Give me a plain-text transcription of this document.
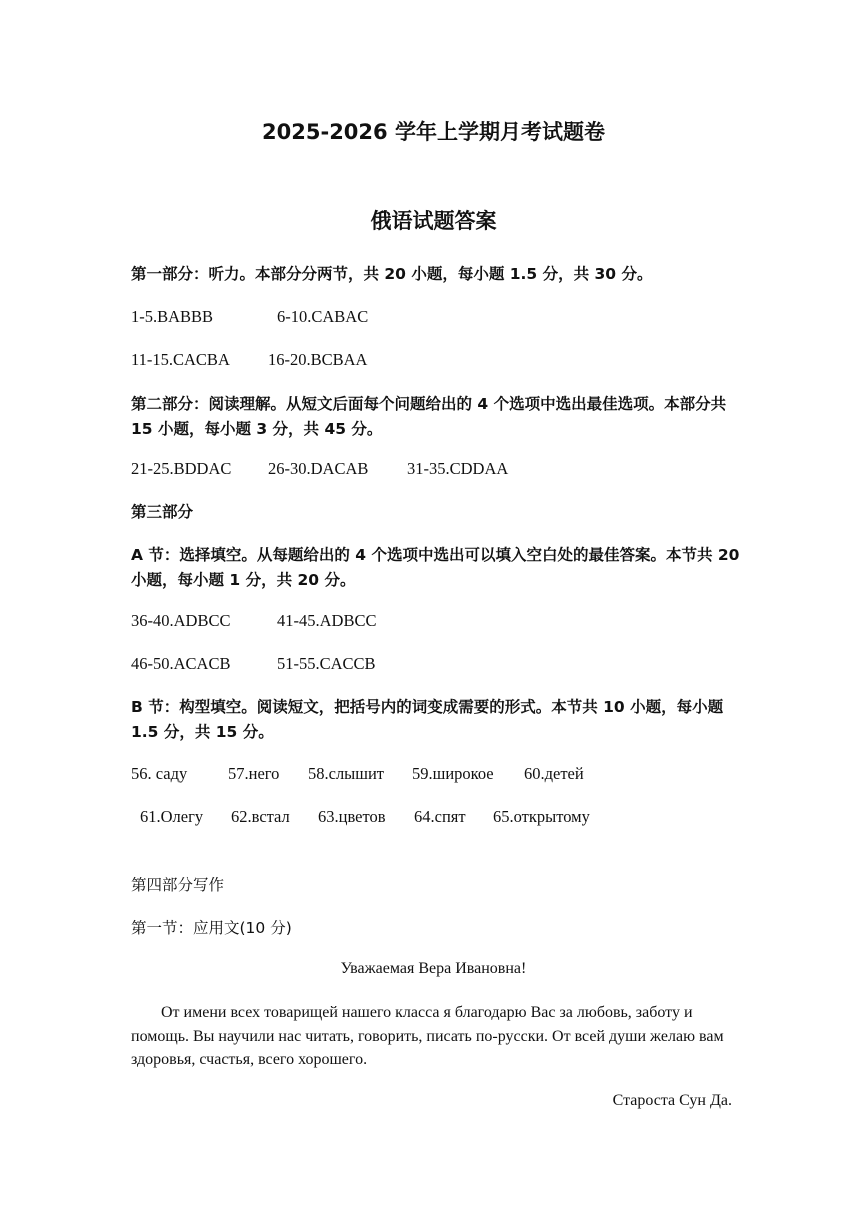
2025-2026 学年上学期月考试题卷
俄语试题答案

第一部分：听力。本部分分两节，共 20 小题，每小题 1.5 分，共 30 分。

1-5.BABBB	6-10.CABAC
11-15.CACBA 16-20.BCBAA

第二部分：阅读理解。从短文后面每个问题给出的 4 个选项中选出最佳选项。本部分共 15 小题，每小题 3 分，共 45 分。

21-25.BDDAC 26-30.DACAB 31-35.CDDAA

第三部分

A 节：选择填空。从每题给出的 4 个选项中选出可以填入空白处的最佳答案。本节共 20 小题，每小题 1 分，共 20 分。

36-40.ADBCC	41-45.ADBCC
46-50.ACACB	51-55.CACCB

B 节：构型填空。阅读短文，把括号内的词变成需要的形式。本节共 10 小题，每小题 1.5 分，共 15 分。

56. саду 57.него 58.слышит 59.широкое 60.детей
61.Олегу 62.встал 63.цветов 64.спят 65.открытому

第四部分写作

第一节：应用文(10 分)

Уважаемая Вера Ивановна!

От имени всех товарищей нашего класса я благодарю Вас за любовь, заботу и помощь. Вы научили нас читать, говорить, писать по-русски. От всей души желаю вам здоровья, счастья, всего хорошего.

Староста Сун Да.
